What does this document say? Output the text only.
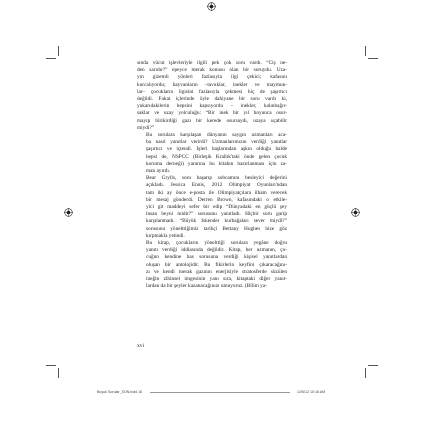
sında vücut işlevleriyle ilgili pek çok soru vardı. “Ciş ne-
den sarıdır?” epeyce merak konusu olan bir soruydu. Uza-
yın gizemli yönleri fazlasıyla ilgi çekici; kafasını
kurcalıyordu; hayvanların –tavuklar, inekler ve maymun-
lar– çocukların ilgisini fazlasıyla çekmesi hiç de şaşırtıcı
değildi. Fakat içlerinde öyle dahiyane bir soru vardı ki,
yukarıdakilerin hepsini kapsıyordu – inekler, kalınbağır-
saklar ve uzay yolculuğu: “Bir inek bir yıl boyunca osur-
mayıp birikirdiği gazı bir kerede osursaydı, uzaya uçabilir
miydi?”

Bu sorulara karşılaşan dünyanın saygın uzmanları aca-
ba nasıl yanıtlar verirdi? Uzmanlarımızın verdiği yanıtlar
şaşırtıcı ve içtendi. İşleri başlarından aşkın olduğu halde
hepsi de, NSPCC (Birleşik Krallık'taki önde gelen çocuk
koruma derneği) yararına bu kitabın hazırlanması için za-
man ayırdı.

Bear Grylls, soru başarıp sobcamını besleyici değerini
açıkladı. Jessica Ennis, 2012 Olimpiyat Oyunları'ndan
tam iki ay önce e-posta ile Olimpiyatçılara ilham verecek
bir mesaj gönderdi. Derren Brown, kafasındaki o etkile-
yici git maddeyi sefer bir edip “Dünyadaki en güçlü şey
insan beyni midir?” sorusunu yanıtladı. Hiçbir soru garip
karşılanmadı. “Büyük İskender kurbağaları sever miydi?”
sorusunu yönelttiğimiz tarihçi Bettany Hughes bize göz
kırpmakla yetindi.

Bu kitap, çocukların yönelttiği sorulara yegâne doğru
yanıtı verdiği iddiasında değildir. Kitap, her uzmanın, ço-
cuğun kendine has sorusuna verdiği kişisel yanıtlardan
oluşan bir antolojidir. Bu fikirlerin keyfini çıkaracağını-
zı ve kendi merak gazının enerjisiyle stratosferde süzülen
ineğin zihinsel imgesinin yanı sıra, kitaptaki diğer yanıt-
lardan da bir şeyler kazanacağınızı umuyoruz. (Bilim ya-

xvi
Buyuk Sorular_SON.indd 16	12/6/12 10:16 AM
